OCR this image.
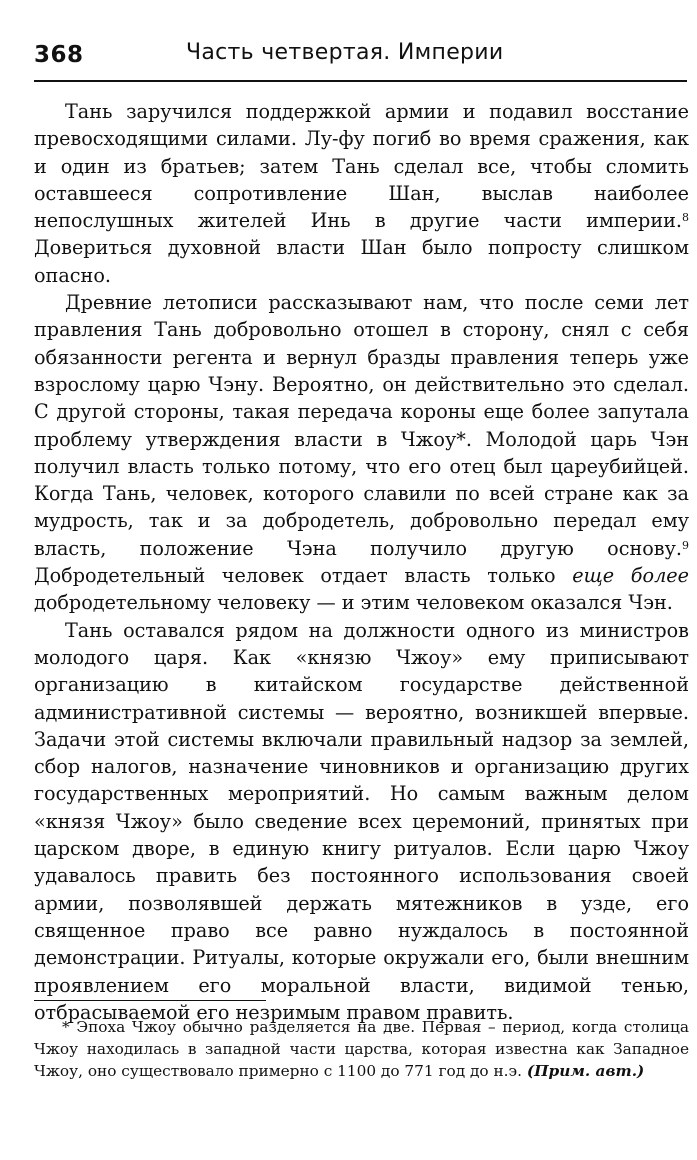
368	Часть четвертая. Империи

Тань заручился поддержкой армии и подавил восстание превосходящими силами. Лу-фу погиб во время сражения, как и один из братьев; затем Тань сделал все, чтобы сломить оставшееся сопротивление Шан, выслав наиболее непослушных жителей Инь в другие части империи.$^8$ Довериться духовной власти Шан было попросту слишком опасно.

Древние летописи рассказывают нам, что после семи лет правления Тань добровольно отошел в сторону, снял с себя обязанности регента и вернул бразды правления теперь уже взрослому царю Чэну. Вероятно, он действительно это сделал. С другой стороны, такая передача короны еще более запутала проблему утверждения власти в Чжоу*. Молодой царь Чэн получил власть только потому, что его отец был цареубийцей. Когда Тань, человек, которого славили по всей стране как за мудрость, так и за добродетель, добровольно передал ему власть, положение Чэна получило другую основу.$^9$ Добродетельный человек отдает власть только еще более добродетельному человеку — и этим человеком оказался Чэн.

Тань оставался рядом на должности одного из министров молодого царя. Как «князю Чжоу» ему приписывают организацию в китайском государстве действенной административной системы — вероятно, возникшей впервые. Задачи этой системы включали правильный надзор за землей, сбор налогов, назначение чиновников и организацию других государственных мероприятий. Но самым важным делом «князя Чжоу» было сведение всех церемоний, принятых при царском дворе, в единую книгу ритуалов. Если царю Чжоу удавалось править без постоянного использования своей армии, позволявшей держать мятежников в узде, его священное право все равно нуждалось в постоянной демонстрации. Ритуалы, которые окружали его, были внешним проявлением его моральной власти, видимой тенью, отбрасываемой его незримым правом править.

* Эпоха Чжоу обычно разделяется на две. Первая – период, когда столица Чжоу находилась в западной части царства, которая известна как Западное Чжоу, оно существовало примерно с 1100 до 771 год до н.э. (Прим. авт.)
